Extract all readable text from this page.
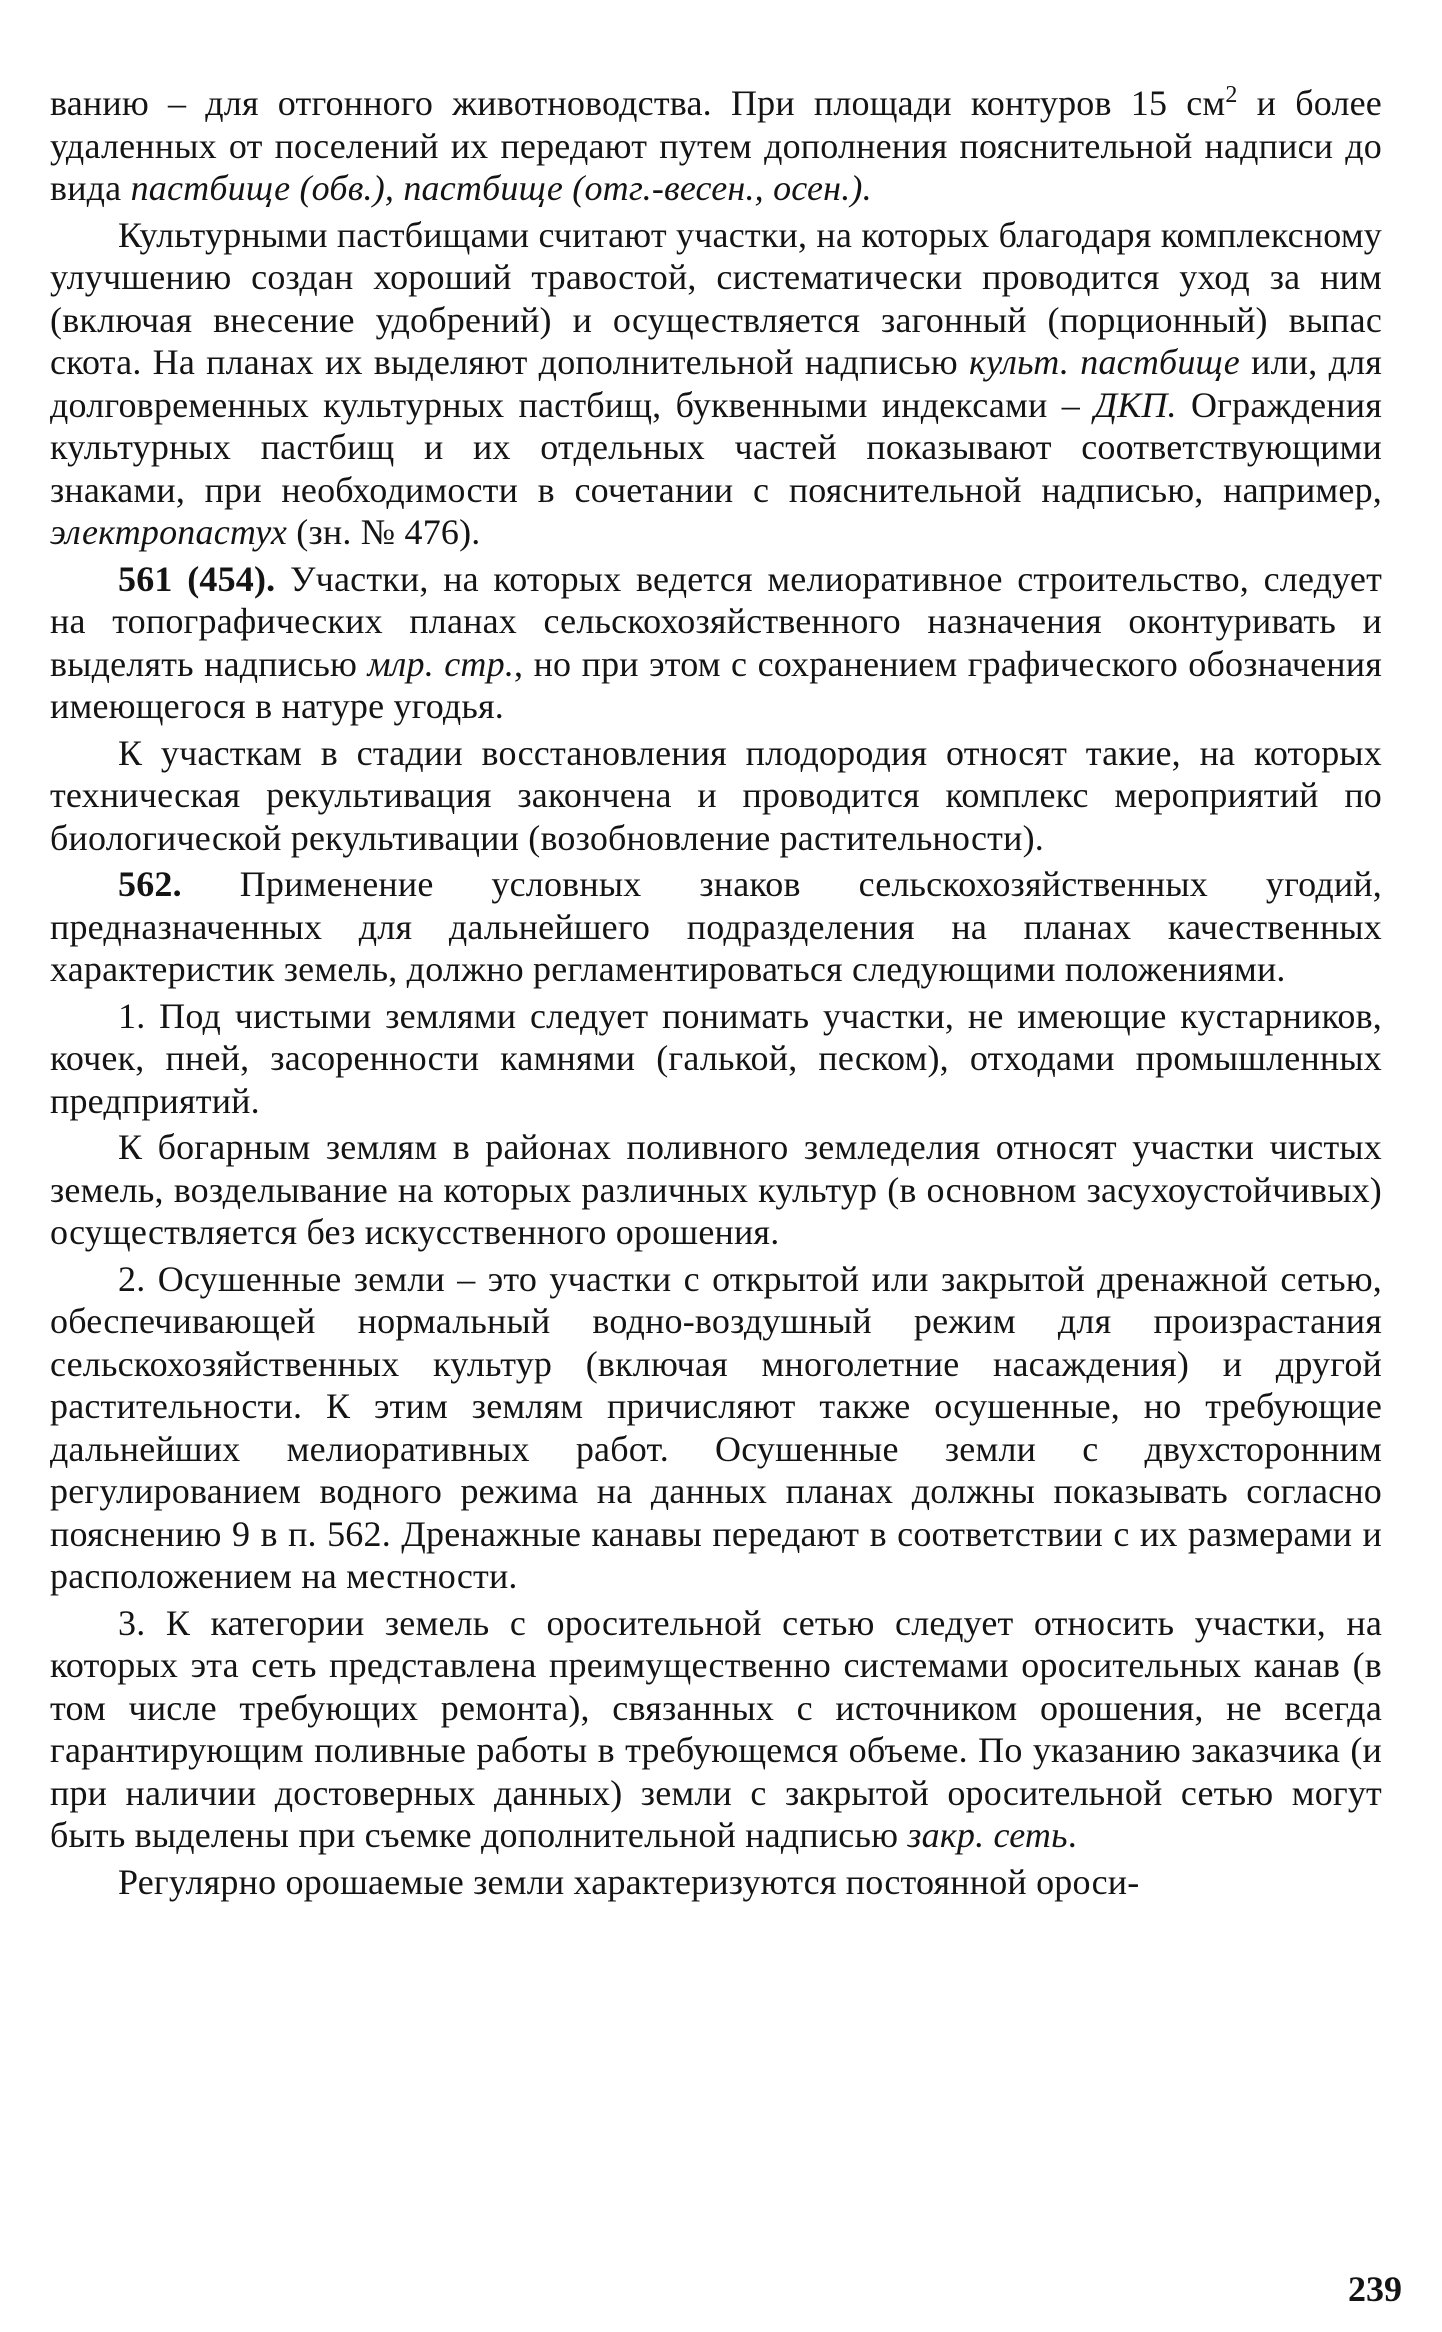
ванию – для отгонного животноводства. При площади контуров 15 $см^2$ и более удаленных от поселений их передают путем дополнения пояснительной надписи до вида пастбище (обв.), пастбище (отг.-весен., осен.).

Культурными пастбищами считают участки, на которых благодаря комплексному улучшению создан хороший травостой, систематически проводится уход за ним (включая внесение удобрений) и осуществляется загонный (порционный) выпас скота. На планах их выделяют дополнительной надписью культ. пастбище или, для долговременных культурных пастбищ, буквенными индексами – ДКП. Ограждения культурных пастбищ и их отдельных частей показывают соответствующими знаками, при необходимости в сочетании с пояснительной надписью, например, электропастух (зн. № 476).

561 (454). Участки, на которых ведется мелиоративное строительство, следует на топографических планах сельскохозяйственного назначения оконтуривать и выделять надписью млр. стр., но при этом с сохранением графического обозначения имеющегося в натуре угодья.

К участкам в стадии восстановления плодородия относят такие, на которых техническая рекультивация закончена и проводится комплекс мероприятий по биологической рекультивации (возобновление растительности).

562. Применение условных знаков сельскохозяйственных угодий, предназначенных для дальнейшего подразделения на планах качественных характеристик земель, должно регламентироваться следующими положениями.

1. Под чистыми землями следует понимать участки, не имеющие кустарников, кочек, пней, засоренности камнями (галькой, песком), отходами промышленных предприятий.

К богарным землям в районах поливного земледелия относят участки чистых земель, возделывание на которых различных культур (в основном засухоустойчивых) осуществляется без искусственного орошения.

2. Осушенные земли – это участки с открытой или закрытой дренажной сетью, обеспечивающей нормальный водно-воздушный режим для произрастания сельскохозяйственных культур (включая многолетние насаждения) и другой растительности. К этим землям причисляют также осушенные, но требующие дальнейших мелиоративных работ. Осушенные земли с двухсторонним регулированием водного режима на данных планах должны показывать согласно пояснению 9 в п. 562. Дренажные канавы передают в соответствии с их размерами и расположением на местности.

3. К категории земель с оросительной сетью следует относить участки, на которых эта сеть представлена преимущественно системами оросительных канав (в том числе требующих ремонта), связанных с источником орошения, не всегда гарантирующим поливные работы в требующемся объеме. По указанию заказчика (и при наличии достоверных данных) земли с закрытой оросительной сетью могут быть выделены при съемке дополнительной надписью закр. сеть.

Регулярно орошаемые земли характеризуются постоянной ороси-

239
